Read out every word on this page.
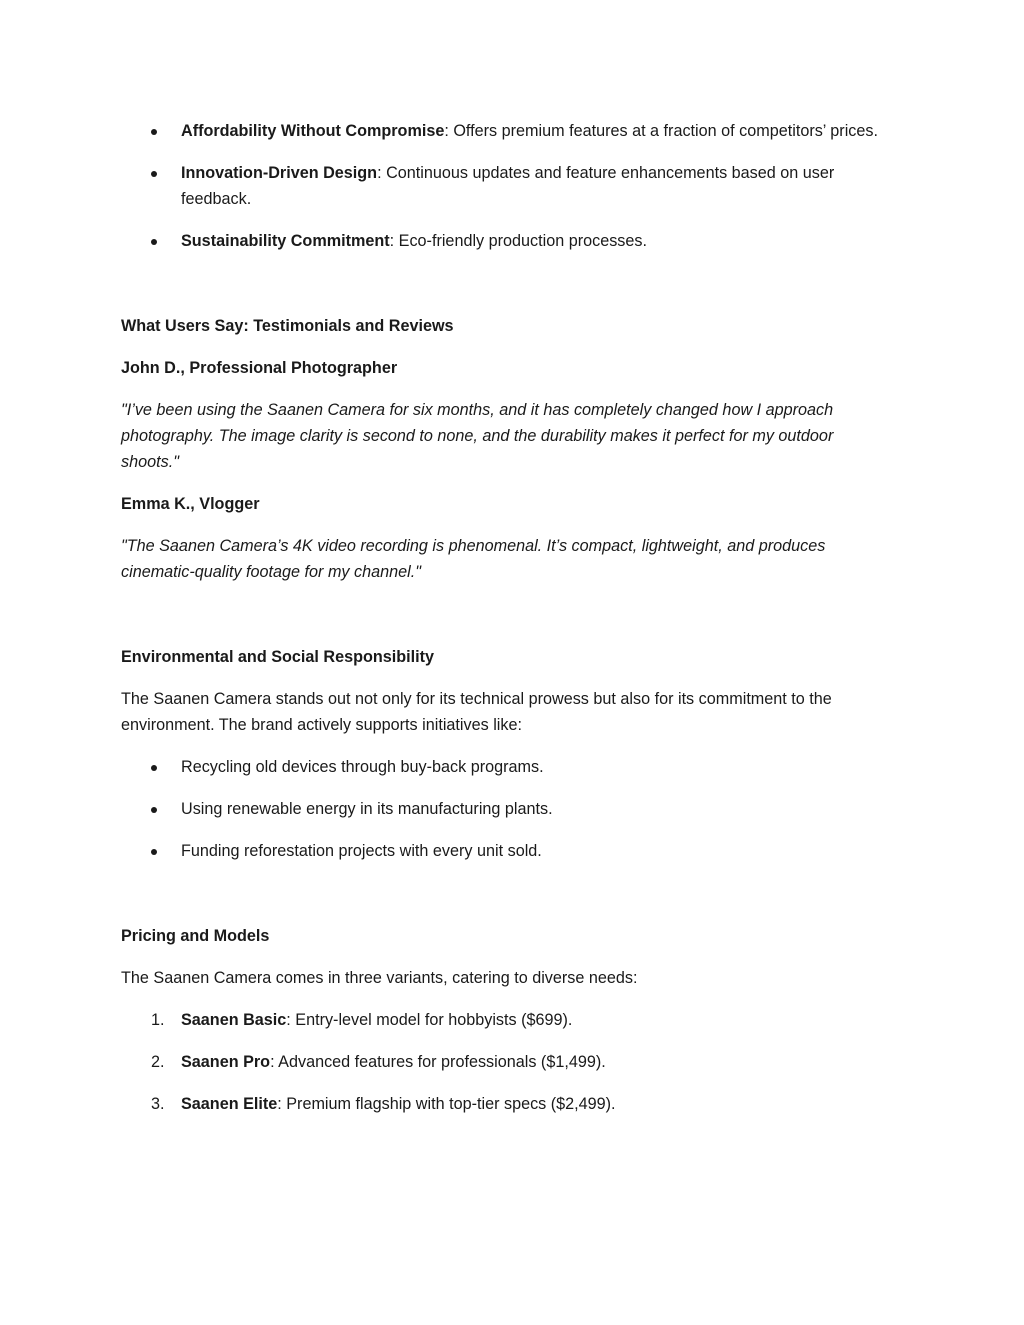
Affordability Without Compromise: Offers premium features at a fraction of competitors’ prices.
Innovation-Driven Design: Continuous updates and feature enhancements based on user feedback.
Sustainability Commitment: Eco-friendly production processes.

What Users Say: Testimonials and Reviews

John D., Professional Photographer

"I’ve been using the Saanen Camera for six months, and it has completely changed how I approach photography. The image clarity is second to none, and the durability makes it perfect for my outdoor shoots."

Emma K., Vlogger

"The Saanen Camera’s 4K video recording is phenomenal. It’s compact, lightweight, and produces cinematic-quality footage for my channel."

Environmental and Social Responsibility

The Saanen Camera stands out not only for its technical prowess but also for its commitment to the environment. The brand actively supports initiatives like:

Recycling old devices through buy-back programs.
Using renewable energy in its manufacturing plants.
Funding reforestation projects with every unit sold.

Pricing and Models

The Saanen Camera comes in three variants, catering to diverse needs:

1. Saanen Basic: Entry-level model for hobbyists ($699).
2. Saanen Pro: Advanced features for professionals ($1,499).
3. Saanen Elite: Premium flagship with top-tier specs ($2,499).
